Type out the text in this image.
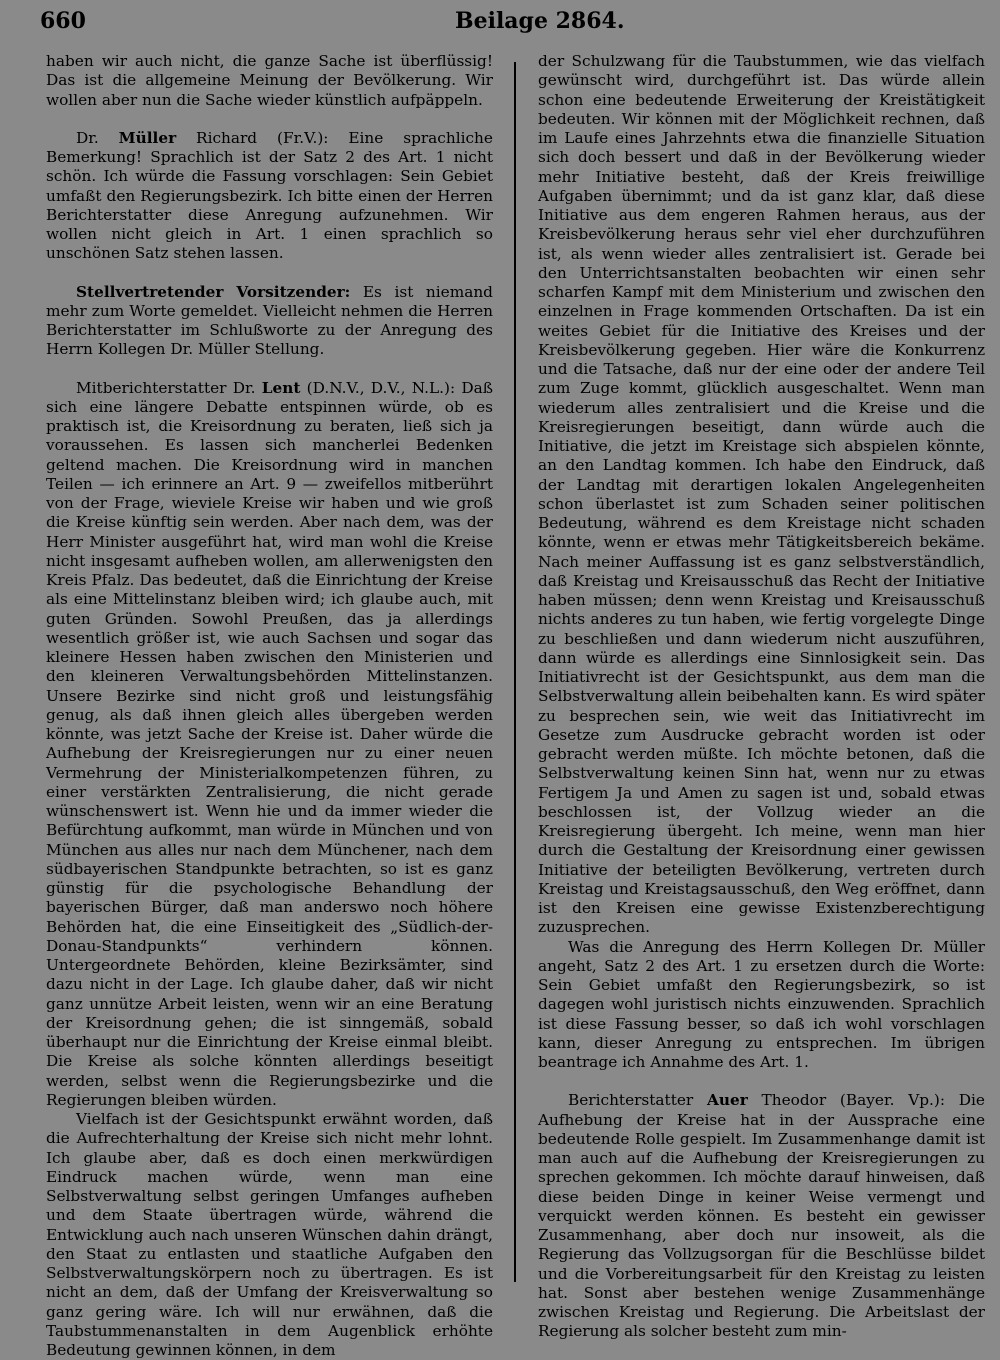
660	Beilage 2864.

haben wir auch nicht, die ganze Sache ist überflüssig! Das ist die allgemeine Meinung der Bevölkerung. Wir wollen aber nun die Sache wieder künstlich aufpäppeln.

Dr. Müller Richard (Fr.V.): Eine sprachliche Bemerkung! Sprachlich ist der Satz 2 des Art. 1 nicht schön. Ich würde die Fassung vorschlagen: Sein Gebiet umfaßt den Regierungsbezirk. Ich bitte einen der Herren Berichterstatter diese Anregung aufzunehmen. Wir wollen nicht gleich in Art. 1 einen sprachlich so unschönen Satz stehen lassen.

Stellvertretender Vorsitzender: Es ist niemand mehr zum Worte gemeldet. Vielleicht nehmen die Herren Berichterstatter im Schlußworte zu der Anregung des Herrn Kollegen Dr. Müller Stellung.

Mitberichterstatter Dr. Lent (D.N.V., D.V., N.L.): Daß sich eine längere Debatte entspinnen würde, ob es praktisch ist, die Kreisordnung zu beraten, ließ sich ja voraussehen. Es lassen sich mancherlei Bedenken geltend machen. Die Kreisordnung wird in manchen Teilen — ich erinnere an Art. 9 — zweifellos mitberührt von der Frage, wieviele Kreise wir haben und wie groß die Kreise künftig sein werden. Aber nach dem, was der Herr Minister ausgeführt hat, wird man wohl die Kreise nicht insgesamt aufheben wollen, am allerwenigsten den Kreis Pfalz. Das bedeutet, daß die Einrichtung der Kreise als eine Mittelinstanz bleiben wird; ich glaube auch, mit guten Gründen. Sowohl Preußen, das ja allerdings wesentlich größer ist, wie auch Sachsen und sogar das kleinere Hessen haben zwischen den Ministerien und den kleineren Verwaltungsbehörden Mittelinstanzen. Unsere Bezirke sind nicht groß und leistungsfähig genug, als daß ihnen gleich alles übergeben werden könnte, was jetzt Sache der Kreise ist. Daher würde die Aufhebung der Kreisregierungen nur zu einer neuen Vermehrung der Ministerialkompetenzen führen, zu einer verstärkten Zentralisierung, die nicht gerade wünschenswert ist. Wenn hie und da immer wieder die Befürchtung aufkommt, man würde in München und von München aus alles nur nach dem Münchener, nach dem südbayerischen Standpunkte betrachten, so ist es ganz günstig für die psychologische Behandlung der bayerischen Bürger, daß man anderswo noch höhere Behörden hat, die eine Einseitigkeit des „Südlich-der-Donau-Standpunkts“ verhindern können. Untergeordnete Behörden, kleine Bezirksämter, sind dazu nicht in der Lage. Ich glaube daher, daß wir nicht ganz unnütze Arbeit leisten, wenn wir an eine Beratung der Kreisordnung gehen; die ist sinngemäß, sobald überhaupt nur die Einrichtung der Kreise einmal bleibt. Die Kreise als solche könnten allerdings beseitigt werden, selbst wenn die Regierungsbezirke und die Regierungen bleiben würden.

Vielfach ist der Gesichtspunkt erwähnt worden, daß die Aufrechterhaltung der Kreise sich nicht mehr lohnt. Ich glaube aber, daß es doch einen merkwürdigen Eindruck machen würde, wenn man eine Selbstverwaltung selbst geringen Umfanges aufheben und dem Staate übertragen würde, während die Entwicklung auch nach unseren Wünschen dahin drängt, den Staat zu entlasten und staatliche Aufgaben den Selbstverwaltungskörpern noch zu übertragen. Es ist nicht an dem, daß der Umfang der Kreisverwaltung so ganz gering wäre. Ich will nur erwähnen, daß die Taubstummenanstalten in dem Augenblick erhöhte Bedeutung gewinnen können, in dem

der Schulzwang für die Taubstummen, wie das vielfach gewünscht wird, durchgeführt ist. Das würde allein schon eine bedeutende Erweiterung der Kreistätigkeit bedeuten. Wir können mit der Möglichkeit rechnen, daß im Laufe eines Jahrzehnts etwa die finanzielle Situation sich doch bessert und daß in der Bevölkerung wieder mehr Initiative besteht, daß der Kreis freiwillige Aufgaben übernimmt; und da ist ganz klar, daß diese Initiative aus dem engeren Rahmen heraus, aus der Kreisbevölkerung heraus sehr viel eher durchzuführen ist, als wenn wieder alles zentralisiert ist. Gerade bei den Unterrichtsanstalten beobachten wir einen sehr scharfen Kampf mit dem Ministerium und zwischen den einzelnen in Frage kommenden Ortschaften. Da ist ein weites Gebiet für die Initiative des Kreises und der Kreisbevölkerung gegeben. Hier wäre die Konkurrenz und die Tatsache, daß nur der eine oder der andere Teil zum Zuge kommt, glücklich ausgeschaltet. Wenn man wiederum alles zentralisiert und die Kreise und die Kreisregierungen beseitigt, dann würde auch die Initiative, die jetzt im Kreistage sich abspielen könnte, an den Landtag kommen. Ich habe den Eindruck, daß der Landtag mit derartigen lokalen Angelegenheiten schon überlastet ist zum Schaden seiner politischen Bedeutung, während es dem Kreistage nicht schaden könnte, wenn er etwas mehr Tätigkeitsbereich bekäme. Nach meiner Auffassung ist es ganz selbstverständlich, daß Kreistag und Kreisausschuß das Recht der Initiative haben müssen; denn wenn Kreistag und Kreisausschuß nichts anderes zu tun haben, wie fertig vorgelegte Dinge zu beschließen und dann wiederum nicht auszuführen, dann würde es allerdings eine Sinnlosigkeit sein. Das Initiativrecht ist der Gesichtspunkt, aus dem man die Selbstverwaltung allein beibehalten kann. Es wird später zu besprechen sein, wie weit das Initiativrecht im Gesetze zum Ausdrucke gebracht worden ist oder gebracht werden müßte. Ich möchte betonen, daß die Selbstverwaltung keinen Sinn hat, wenn nur zu etwas Fertigem Ja und Amen zu sagen ist und, sobald etwas beschlossen ist, der Vollzug wieder an die Kreisregierung übergeht. Ich meine, wenn man hier durch die Gestaltung der Kreisordnung einer gewissen Initiative der beteiligten Bevölkerung, vertreten durch Kreistag und Kreistagsausschuß, den Weg eröffnet, dann ist den Kreisen eine gewisse Existenzberechtigung zuzusprechen.

Was die Anregung des Herrn Kollegen Dr. Müller angeht, Satz 2 des Art. 1 zu ersetzen durch die Worte: Sein Gebiet umfaßt den Regierungsbezirk, so ist dagegen wohl juristisch nichts einzuwenden. Sprachlich ist diese Fassung besser, so daß ich wohl vorschlagen kann, dieser Anregung zu entsprechen. Im übrigen beantrage ich Annahme des Art. 1.

Berichterstatter Auer Theodor (Bayer. Vp.): Die Aufhebung der Kreise hat in der Aussprache eine bedeutende Rolle gespielt. Im Zusammenhange damit ist man auch auf die Aufhebung der Kreisregierungen zu sprechen gekommen. Ich möchte darauf hinweisen, daß diese beiden Dinge in keiner Weise vermengt und verquickt werden können. Es besteht ein gewisser Zusammenhang, aber doch nur insoweit, als die Regierung das Vollzugsorgan für die Beschlüsse bildet und die Vorbereitungsarbeit für den Kreistag zu leisten hat. Sonst aber bestehen wenige Zusammenhänge zwischen Kreistag und Regierung. Die Arbeitslast der Regierung als solcher besteht zum min-
